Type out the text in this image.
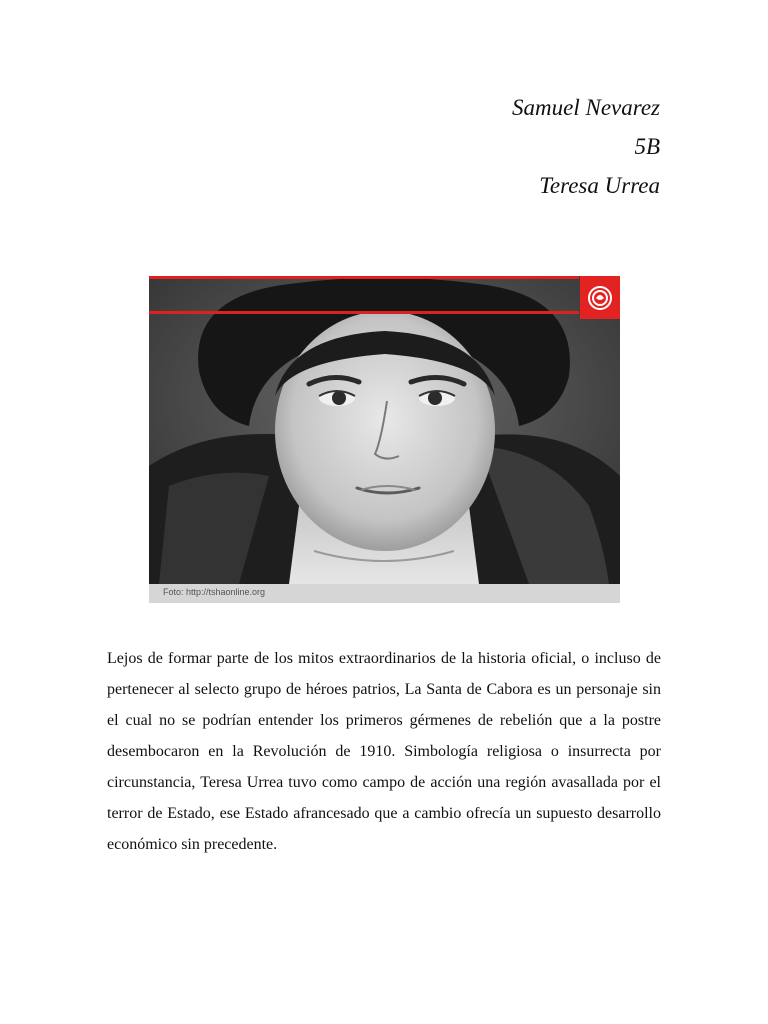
Samuel Nevarez
5B
Teresa Urrea
Foto: http://tshaonline.org

Lejos de formar parte de los mitos extraordinarios de la historia oficial, o incluso de pertenecer al selecto grupo de héroes patrios, La Santa de Cabora es un personaje sin el cual no se podrían entender los primeros gérmenes de rebelión que a la postre desembocaron en la Revolución de 1910. Simbología religiosa o insurrecta por circunstancia, Teresa Urrea tuvo como campo de acción una región avasallada por el terror de Estado, ese Estado afrancesado que a cambio ofrecía un supuesto desarrollo económico sin precedente.
